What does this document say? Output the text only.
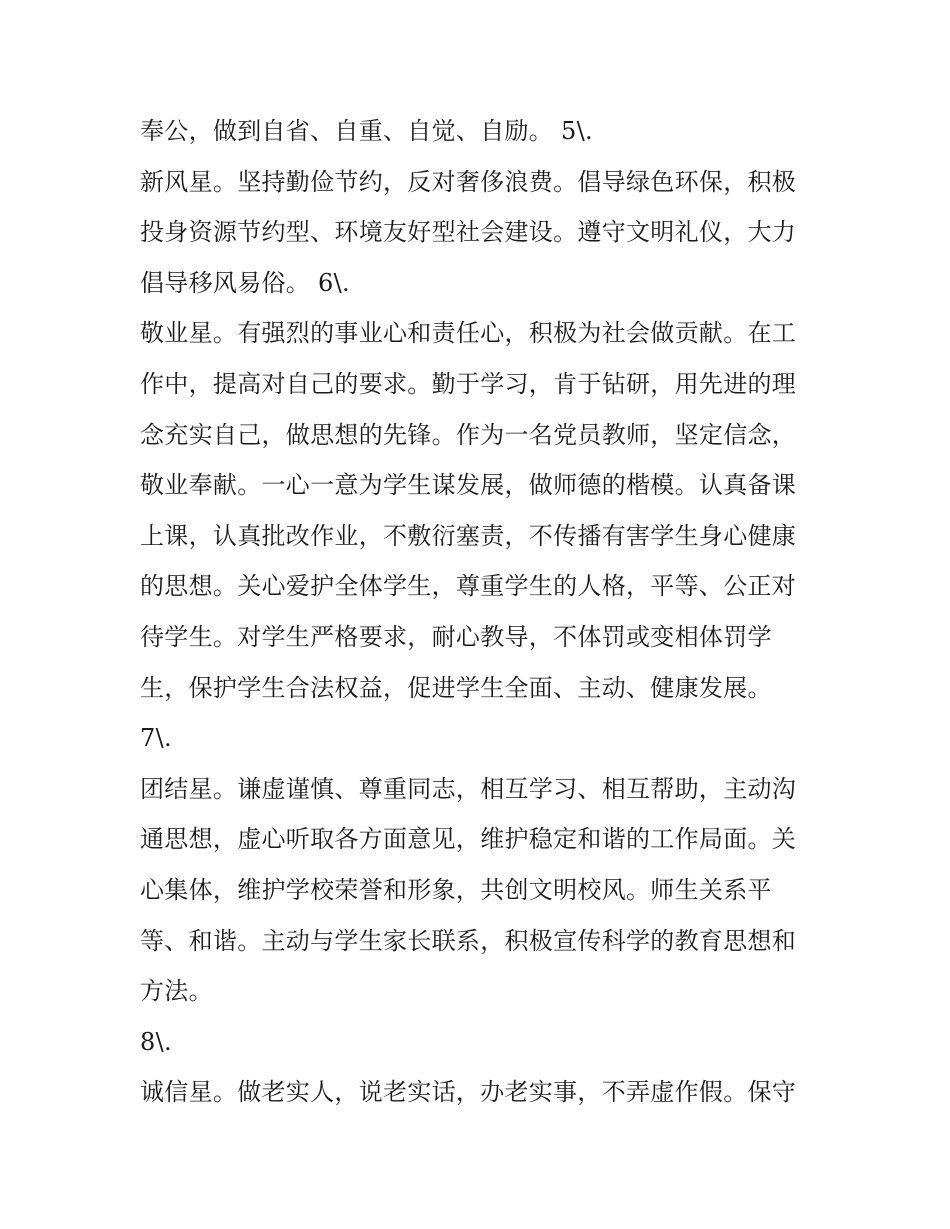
奉公，做到自省、自重、自觉、自励。 5\.
新风星。坚持勤俭节约，反对奢侈浪费。倡导绿色环保，积极
投身资源节约型、环境友好型社会建设。遵守文明礼仪，大力
倡导移风易俗。 6\.
敬业星。有强烈的事业心和责任心，积极为社会做贡献。在工
作中，提高对自己的要求。勤于学习，肯于钻研，用先进的理
念充实自己，做思想的先锋。作为一名党员教师，坚定信念，
敬业奉献。一心一意为学生谋发展，做师德的楷模。认真备课
上课，认真批改作业，不敷衍塞责，不传播有害学生身心健康
的思想。关心爱护全体学生，尊重学生的人格，平等、公正对
待学生。对学生严格要求，耐心教导，不体罚或变相体罚学
生，保护学生合法权益，促进学生全面、主动、健康发展。
7\.
团结星。谦虚谨慎、尊重同志，相互学习、相互帮助，主动沟
通思想，虚心听取各方面意见，维护稳定和谐的工作局面。关
心集体，维护学校荣誉和形象，共创文明校风。师生关系平
等、和谐。主动与学生家长联系，积极宣传科学的教育思想和
方法。
8\.
诚信星。做老实人，说老实话，办老实事，不弄虚作假。保守
